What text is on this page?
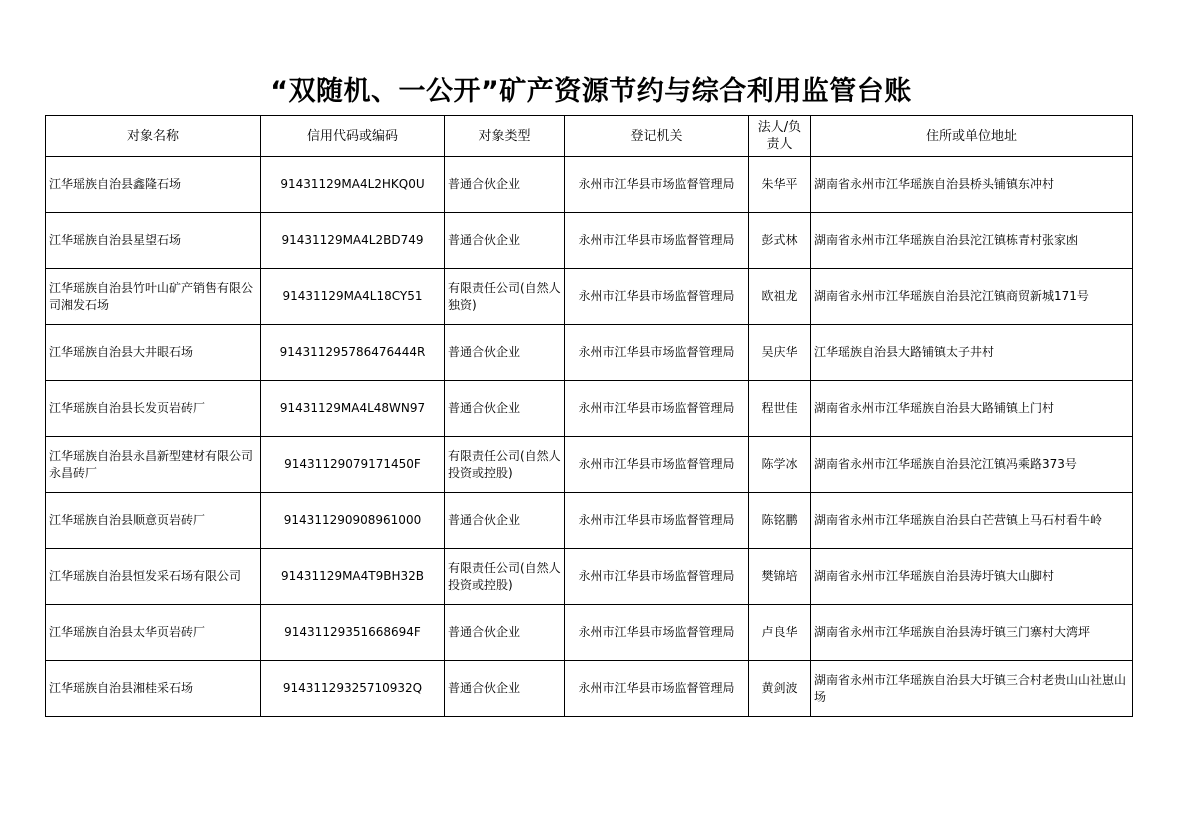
“双随机、一公开”矿产资源节约与综合利用监管台账
对象名称	信用代码或编码	对象类型	登记机关	法人/负责人	住所或单位地址
江华瑶族自治县鑫隆石场	91431129MA4L2HKQ0U	普通合伙企业	永州市江华县市场监督管理局	朱华平	湖南省永州市江华瑶族自治县桥头铺镇东冲村
江华瑶族自治县星望石场	91431129MA4L2BD749	普通合伙企业	永州市江华县市场监督管理局	彭式林	湖南省永州市江华瑶族自治县沱江镇栋青村张家凼
江华瑶族自治县竹叶山矿产销售有限公司湘发石场	91431129MA4L18CY51	有限责任公司(自然人独资)	永州市江华县市场监督管理局	欧祖龙	湖南省永州市江华瑶族自治县沱江镇商贸新城171号
江华瑶族自治县大井眼石场	914311295786476444R	普通合伙企业	永州市江华县市场监督管理局	吴庆华	江华瑶族自治县大路铺镇太子井村
江华瑶族自治县长发页岩砖厂	91431129MA4L48WN97	普通合伙企业	永州市江华县市场监督管理局	程世佳	湖南省永州市江华瑶族自治县大路铺镇上门村
江华瑶族自治县永昌新型建材有限公司永昌砖厂	91431129079171450F	有限责任公司(自然人投资或控股)	永州市江华县市场监督管理局	陈学冰	湖南省永州市江华瑶族自治县沱江镇冯乘路373号
江华瑶族自治县顺意页岩砖厂	914311290908961000	普通合伙企业	永州市江华县市场监督管理局	陈铭鹏	湖南省永州市江华瑶族自治县白芒营镇上马石村看牛岭
江华瑶族自治县恒发采石场有限公司	91431129MA4T9BH32B	有限责任公司(自然人投资或控股)	永州市江华县市场监督管理局	樊锦培	湖南省永州市江华瑶族自治县涛圩镇大山脚村
江华瑶族自治县太华页岩砖厂	91431129351668694F	普通合伙企业	永州市江华县市场监督管理局	卢良华	湖南省永州市江华瑶族自治县涛圩镇三门寨村大湾坪
江华瑶族自治县湘桂采石场	91431129325710932Q	普通合伙企业	永州市江华县市场监督管理局	黄剑波	湖南省永州市江华瑶族自治县大圩镇三合村老贵山山社崽山场
